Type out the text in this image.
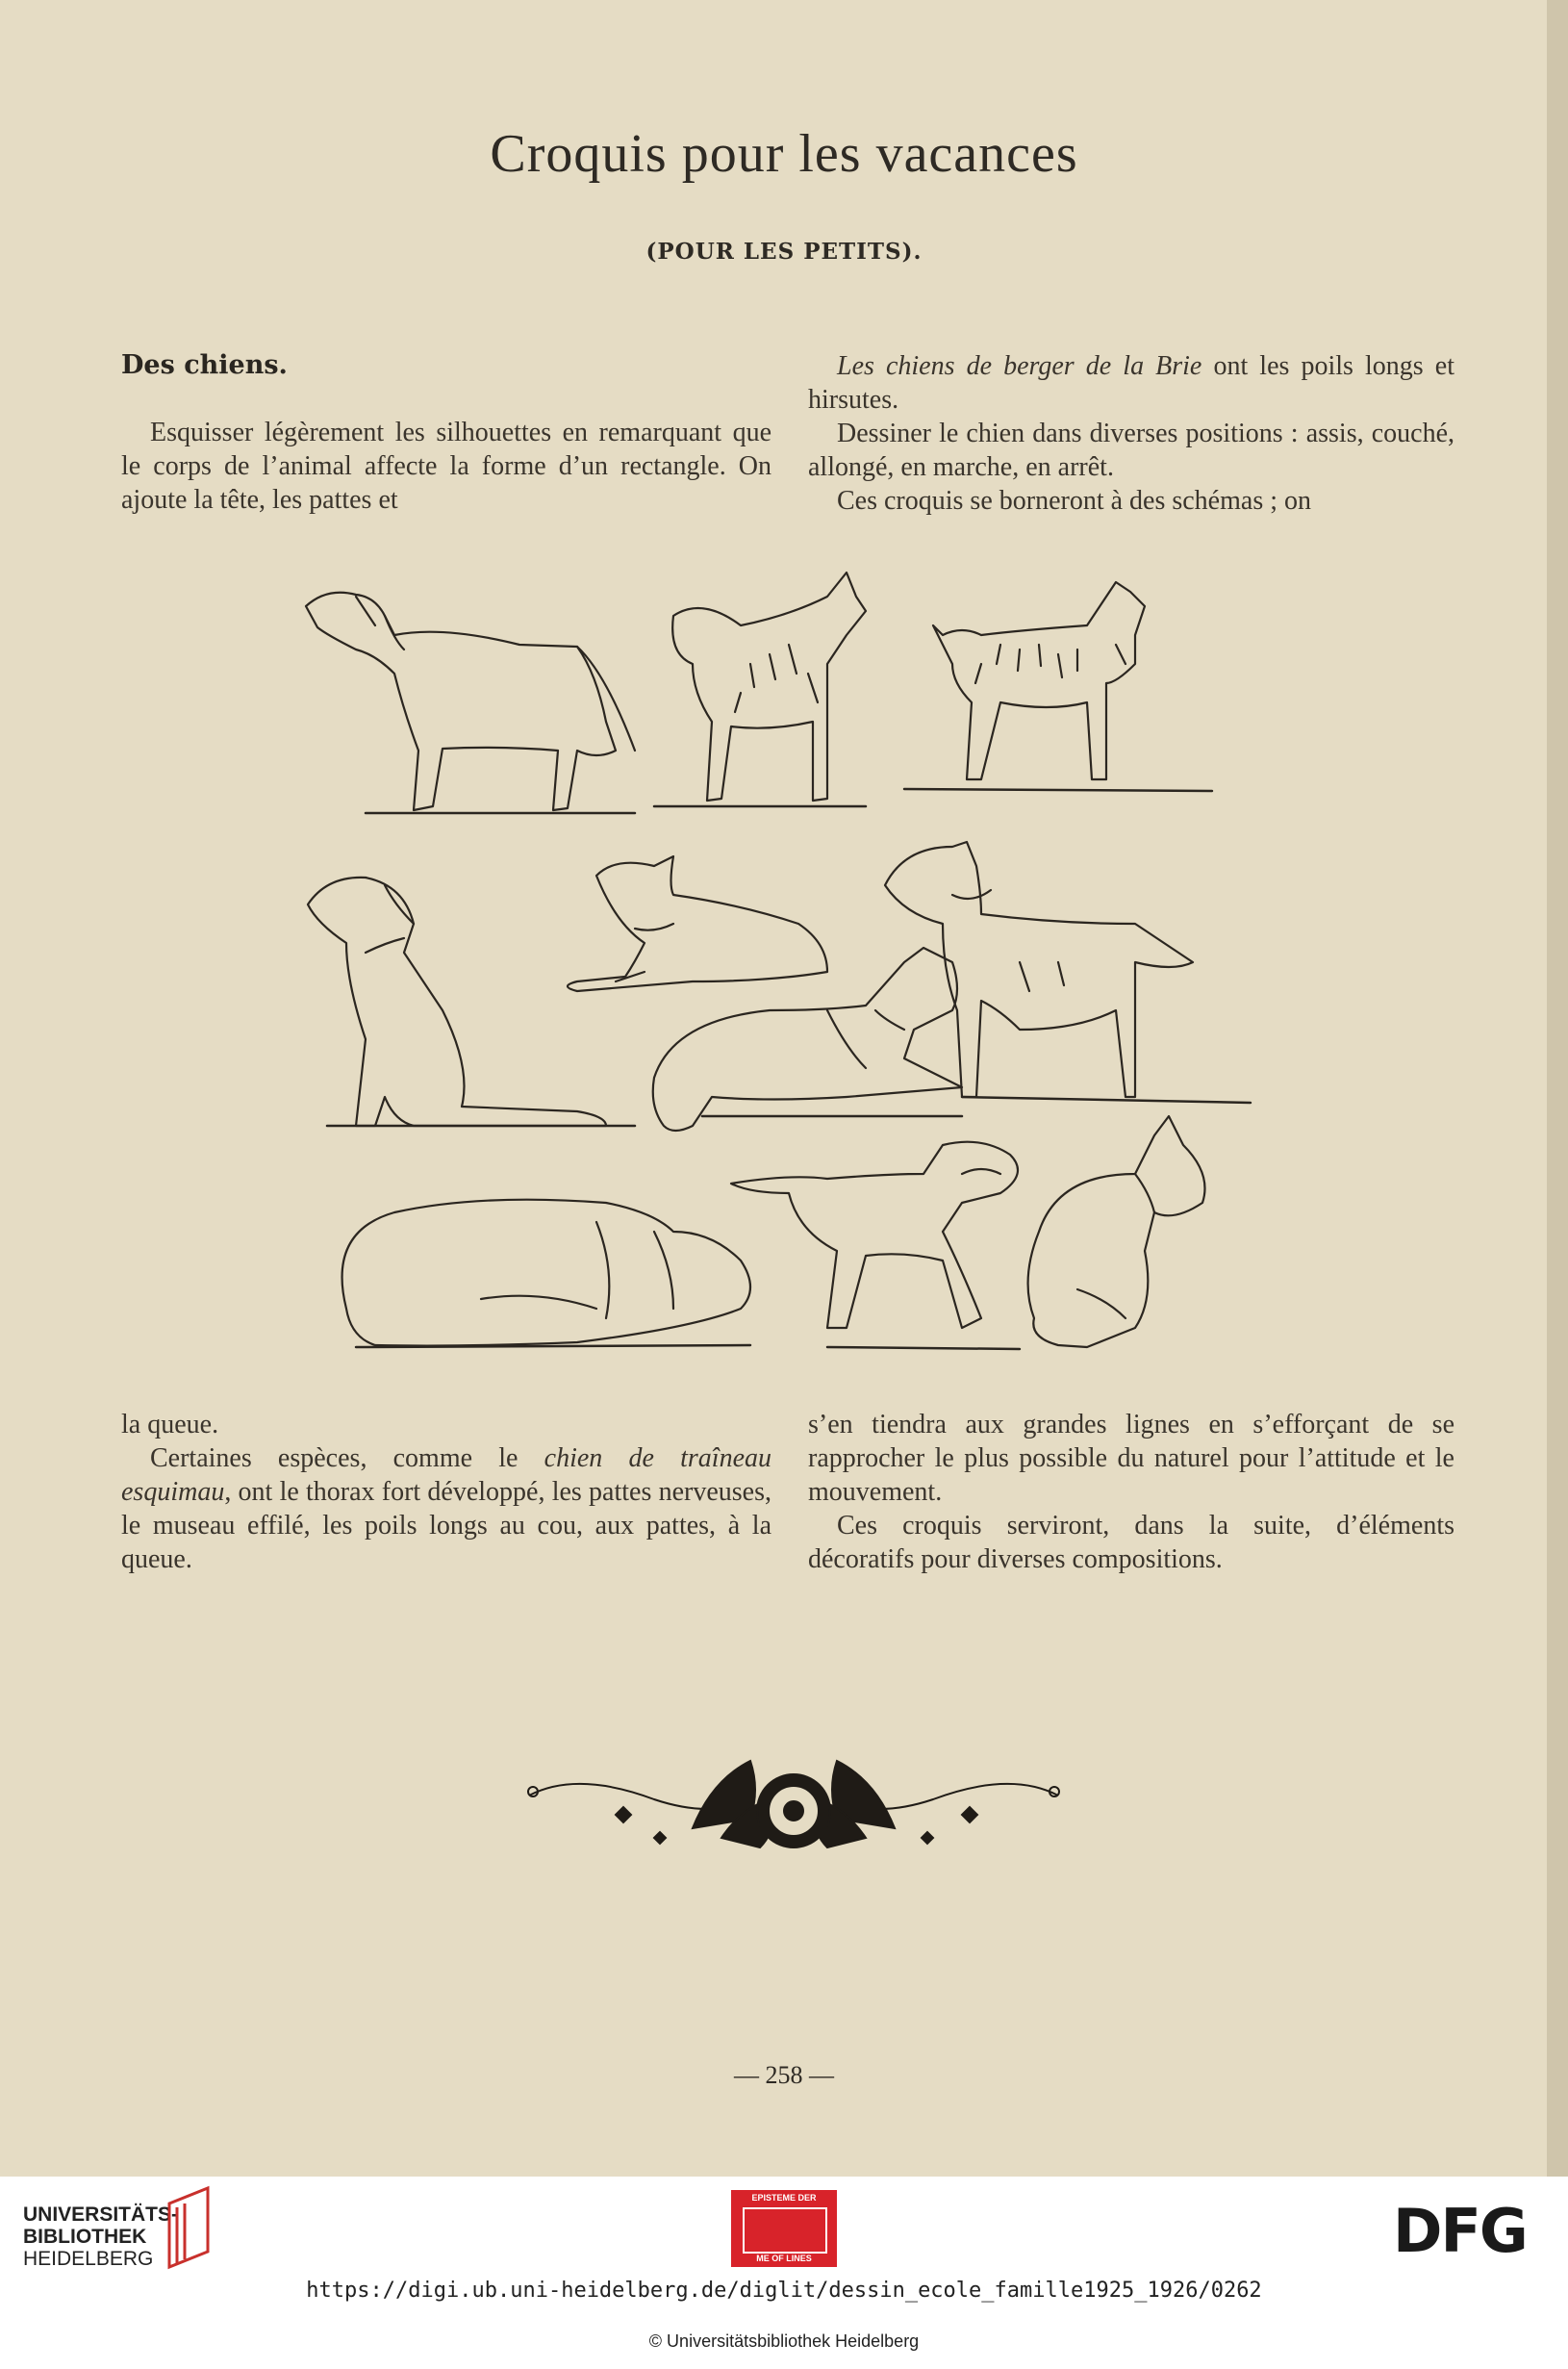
Croquis pour les vacances
(POUR LES PETITS).
Des chiens.

Esquisser légèrement les silhouettes en remarquant que le corps de l’animal affecte la forme d’un rectangle. On ajoute la tête, les pattes et

Les chiens de berger de la Brie ont les poils longs et hirsutes.

Dessiner le chien dans diverses positions : assis, couché, allongé, en marche, en arrêt.

Ces croquis se borneront à des schémas ; on

la queue.

Certaines espèces, comme le chien de traîneau esquimau, ont le thorax fort développé, les pattes nerveuses, le museau effilé, les poils longs au cou, aux pattes, à la queue.

s’en tiendra aux grandes lignes en s’efforçant de se rapprocher le plus possible du naturel pour l’attitude et le mouvement.

Ces croquis serviront, dans la suite, d’éléments décoratifs pour diverses compositions.

— 258 —
UNIVERSITÄTS-
BIBLIOTHEK
HEIDELBERG
EPISTEME DER
ME OF LINES	DFG
https://digi.ub.uni-heidelberg.de/diglit/dessin_ecole_famille1925_1926/0262
© Universitätsbibliothek Heidelberg
